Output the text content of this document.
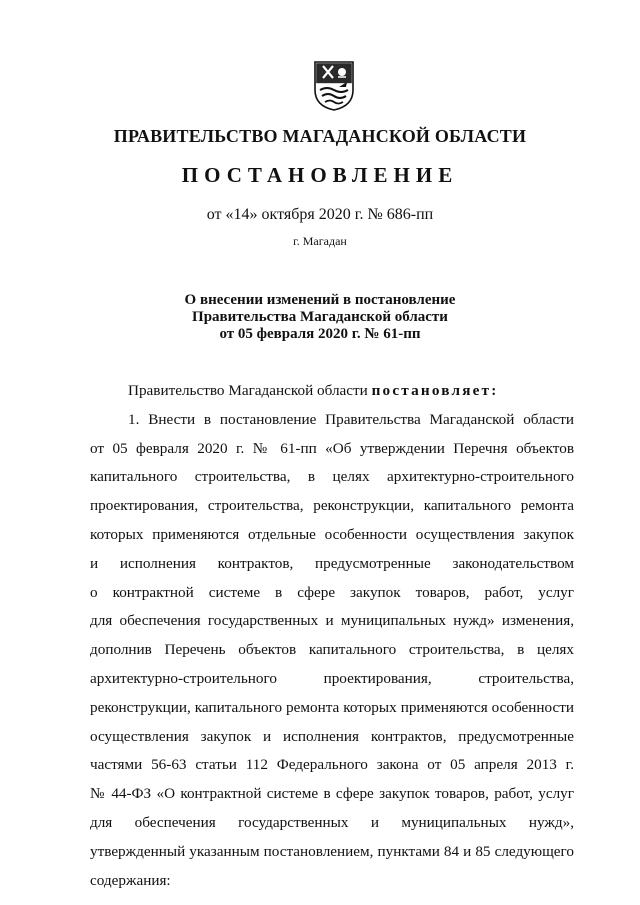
ПРАВИТЕЛЬСТВО МАГАДАНСКОЙ ОБЛАСТИ
ПОСТАНОВЛЕНИЕ
от «14» октября 2020 г. № 686-пп
г. Магадан
О внесении изменений в постановление
Правительства Магаданской области
от 05 февраля 2020 г. № 61-пп
Правительство Магаданской области постановляет:
1. Внести в постановление Правительства Магаданской области
от 05 февраля 2020 г. № 61-пп «Об утверждении Перечня объектов
капитального строительства, в целях архитектурно-строительного
проектирования, строительства, реконструкции, капитального ремонта
которых применяются отдельные особенности осуществления закупок
и исполнения контрактов, предусмотренные законодательством
о контрактной системе в сфере закупок товаров, работ, услуг
для обеспечения государственных и муниципальных нужд» изменения,
дополнив Перечень объектов капитального строительства, в целях
архитектурно-строительного проектирования, строительства,
реконструкции, капитального ремонта которых применяются особенности
осуществления закупок и исполнения контрактов, предусмотренные
частями 56-63 статьи 112 Федерального закона от 05 апреля 2013 г.
№ 44-ФЗ «О контрактной системе в сфере закупок товаров, работ, услуг
для обеспечения государственных и муниципальных нужд»,
утвержденный указанным постановлением, пунктами 84 и 85 следующего
содержания:
